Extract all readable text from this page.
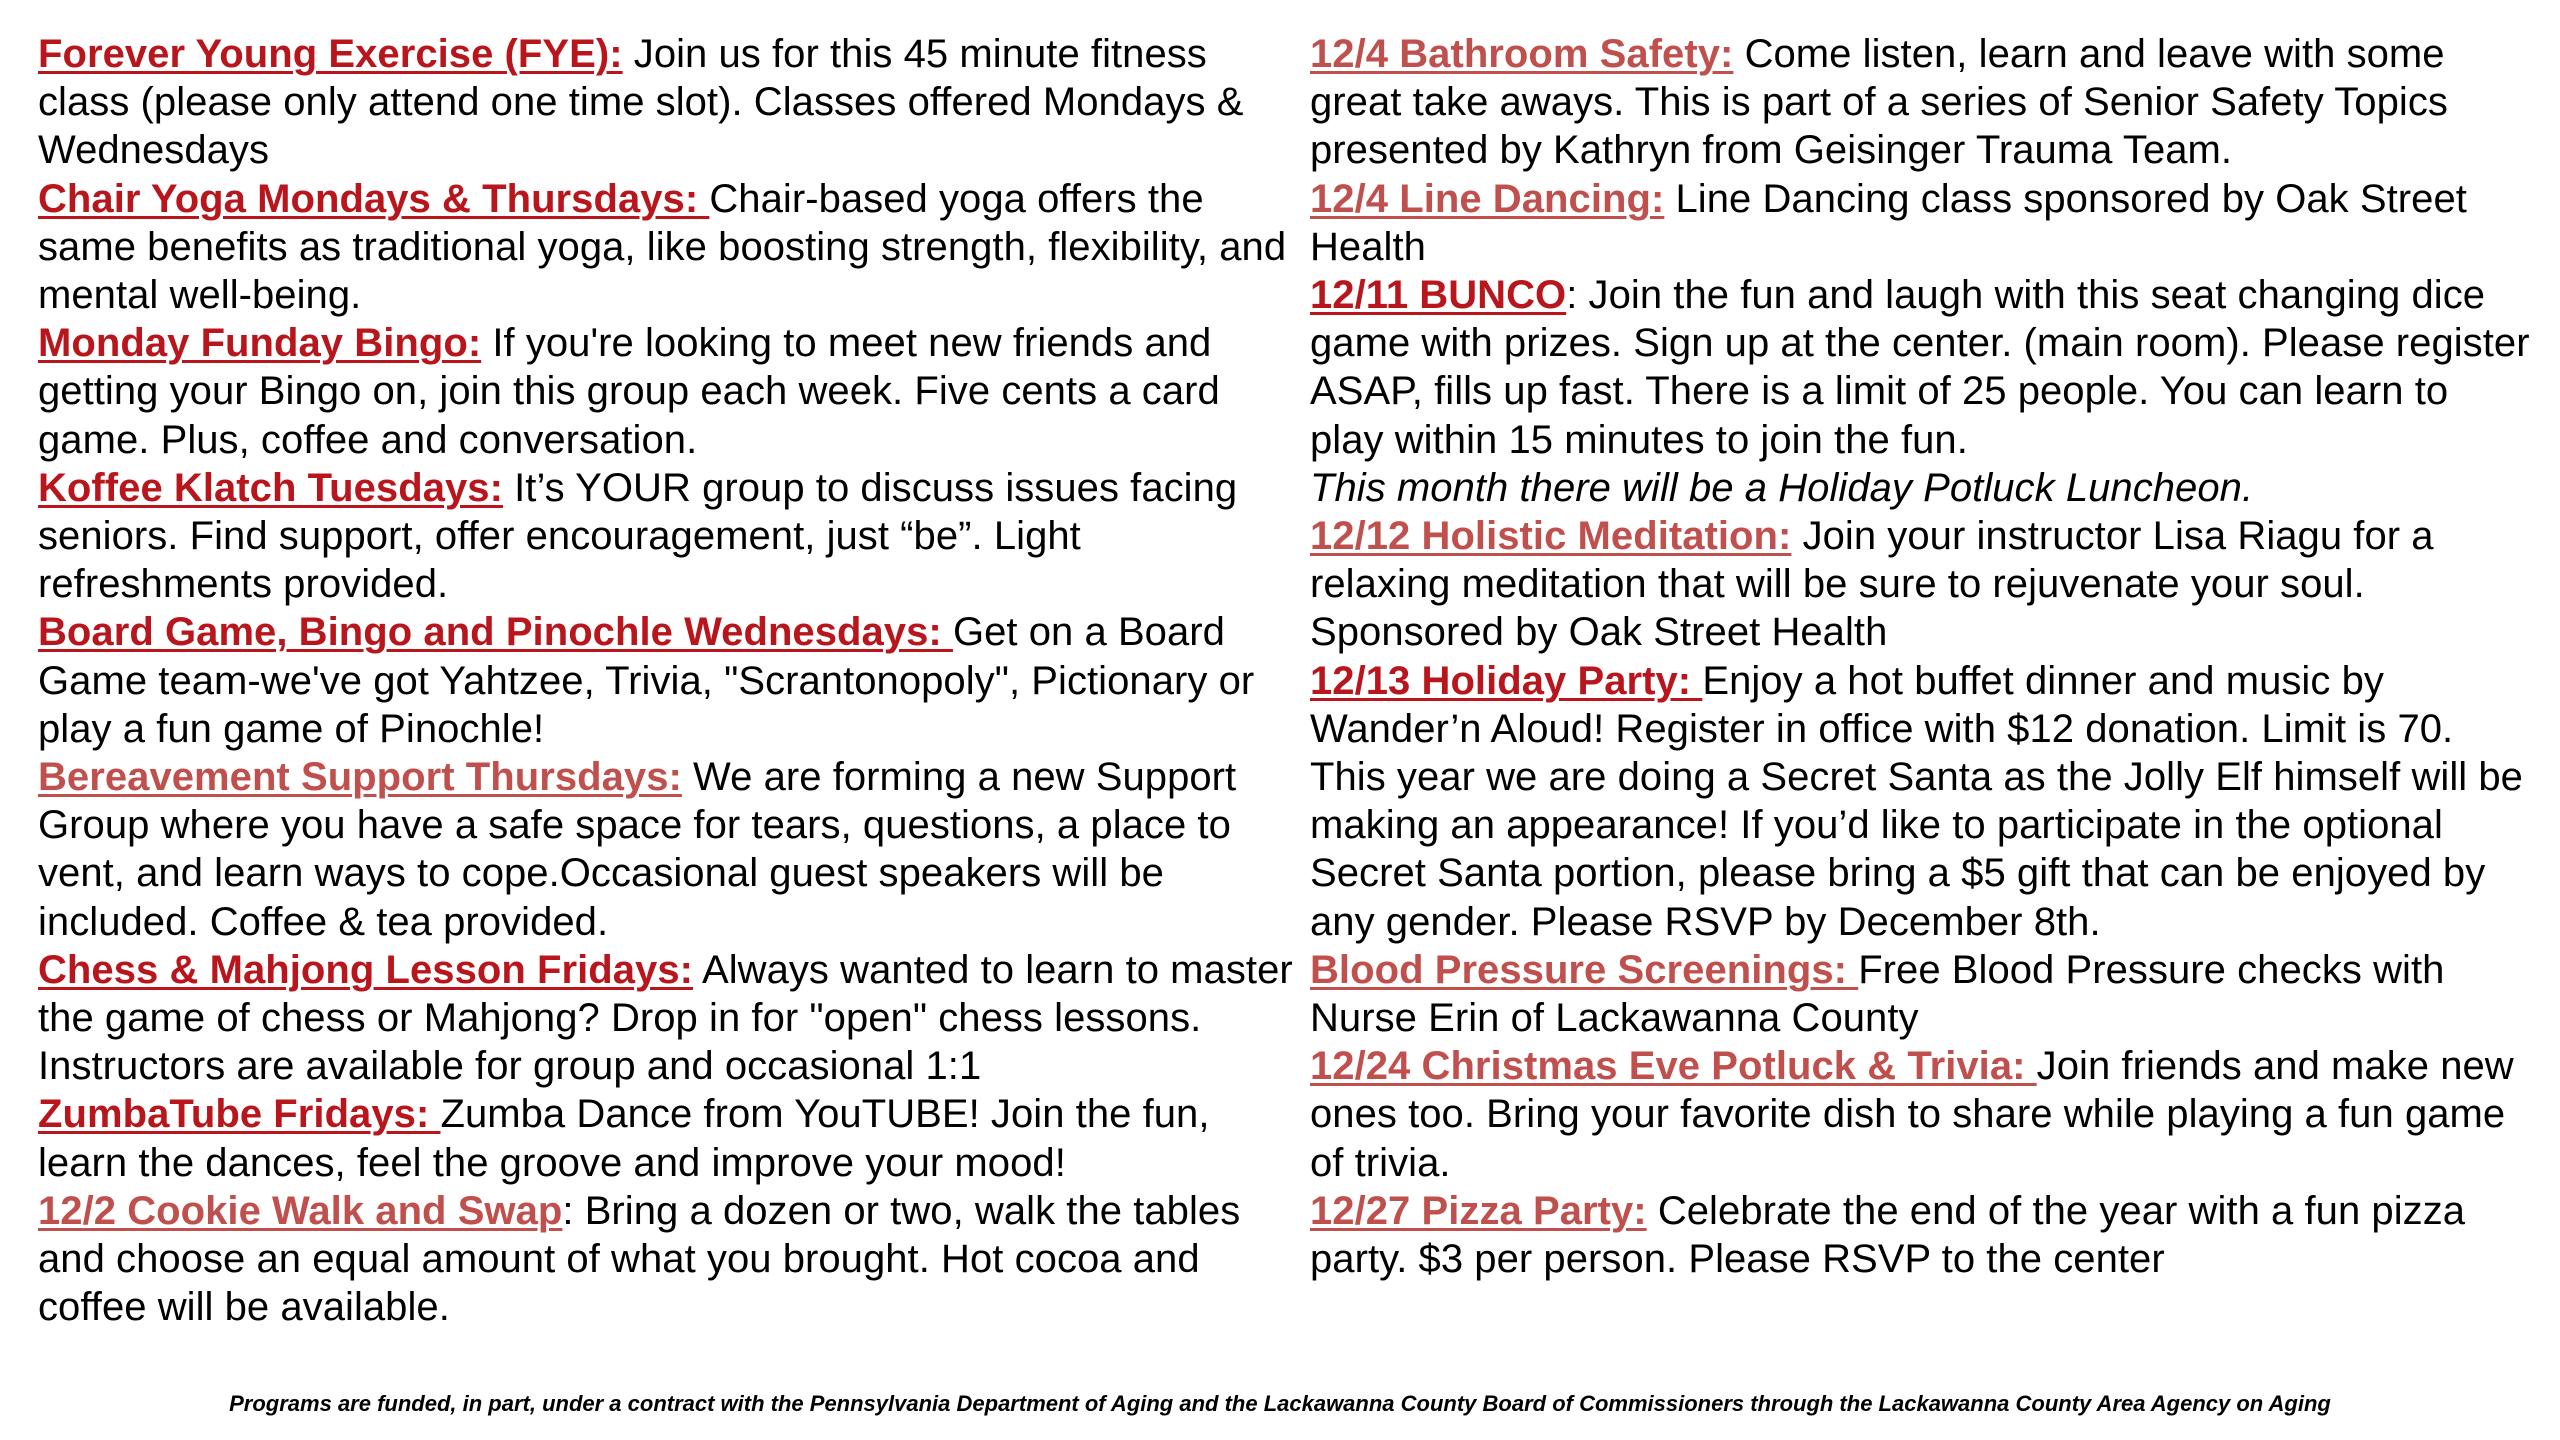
Forever Young Exercise (FYE): Join us for this 45 minute fitness class (please only attend one time slot). Classes offered Mondays & Wednesdays

Chair Yoga Mondays & Thursdays: Chair-based yoga offers the same benefits as traditional yoga, like boosting strength, flexibility, and mental well-being.

Monday Funday Bingo: If you're looking to meet new friends and getting your Bingo on, join this group each week. Five cents a card game. Plus, coffee and conversation.

Koffee Klatch Tuesdays: It’s YOUR group to discuss issues facing seniors. Find support, offer encouragement, just “be”. Light refreshments provided.

Board Game, Bingo and Pinochle Wednesdays: Get on a Board Game team-we've got Yahtzee, Trivia, "Scrantonopoly", Pictionary or play a fun game of Pinochle!

Bereavement Support Thursdays: We are forming a new Support Group where you have a safe space for tears, questions, a place to vent, and learn ways to cope.Occasional guest speakers will be included. Coffee & tea provided.

Chess & Mahjong Lesson Fridays: Always wanted to learn to master the game of chess or Mahjong? Drop in for "open" chess lessons. Instructors are available for group and occasional 1:1

ZumbaTube Fridays: Zumba Dance from YouTUBE! Join the fun, learn the dances, feel the groove and improve your mood!

12/2 Cookie Walk and Swap: Bring a dozen or two, walk the tables and choose an equal amount of what you brought. Hot cocoa and coffee will be available.

12/4 Bathroom Safety: Come listen, learn and leave with some great take aways. This is part of a series of Senior Safety Topics presented by Kathryn from Geisinger Trauma Team.

12/4 Line Dancing: Line Dancing class sponsored by Oak Street Health

12/11 BUNCO: Join the fun and laugh with this seat changing dice game with prizes. Sign up at the center. (main room). Please register ASAP, fills up fast. There is a limit of 25 people. You can learn to play within 15 minutes to join the fun.
This month there will be a Holiday Potluck Luncheon.

12/12 Holistic Meditation: Join your instructor Lisa Riagu for a relaxing meditation that will be sure to rejuvenate your soul. Sponsored by Oak Street Health

12/13 Holiday Party: Enjoy a hot buffet dinner and music by Wander’n Aloud! Register in office with $12 donation. Limit is 70. This year we are doing a Secret Santa as the Jolly Elf himself will be making an appearance! If you’d like to participate in the optional Secret Santa portion, please bring a $5 gift that can be enjoyed by any gender. Please RSVP by December 8th.

Blood Pressure Screenings: Free Blood Pressure checks with Nurse Erin of Lackawanna County

12/24 Christmas Eve Potluck & Trivia: Join friends and make new ones too. Bring your favorite dish to share while playing a fun game of trivia.

12/27 Pizza Party: Celebrate the end of the year with a fun pizza party. $3 per person. Please RSVP to the center

Programs are funded, in part, under a contract with the Pennsylvania Department of Aging and the Lackawanna County Board of Commissioners through the Lackawanna County Area Agency on Aging
